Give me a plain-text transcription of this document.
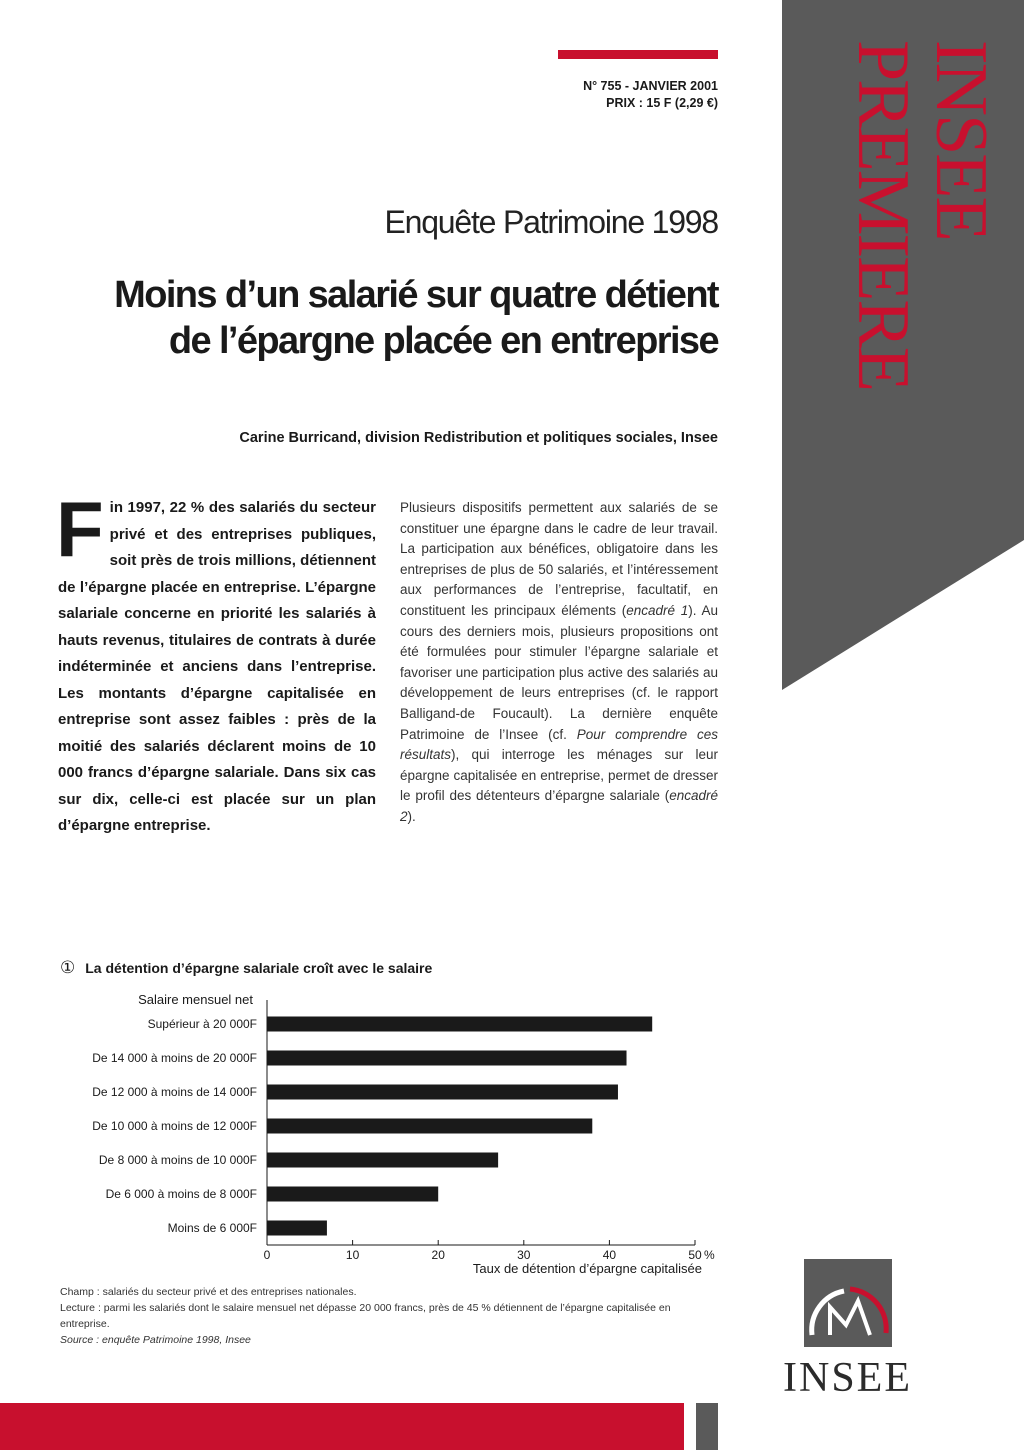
INSEE
PREMIERE
N° 755 - JANVIER 2001
PRIX : 15 F (2,29 €)
Enquête Patrimoine 1998
Moins d’un salarié sur quatre détient de l’épargne placée en entreprise
Carine Burricand, division Redistribution et politiques sociales, Insee

Fin 1997, 22 % des salariés du secteur privé et des entreprises publiques, soit près de trois millions, détiennent de l’épargne placée en entreprise. L’épargne salariale concerne en priorité les salariés à hauts revenus, titulaires de contrats à durée indéterminée et anciens dans l’entreprise. Les montants d’épargne capitalisée en entreprise sont assez faibles : près de la moitié des salariés déclarent moins de 10 000 francs d’épargne salariale. Dans six cas sur dix, celle-ci est placée sur un plan d’épargne entreprise.

Plusieurs dispositifs permettent aux salariés de se constituer une épargne dans le cadre de leur travail. La participation aux bénéfices, obligatoire dans les entreprises de plus de 50 salariés, et l’intéressement aux performances de l’entreprise, facultatif, en constituent les principaux éléments (encadré 1). Au cours des derniers mois, plusieurs propositions ont été formulées pour stimuler l’épargne salariale et favoriser une participation plus active des salariés au développement de leurs entreprises (cf. le rapport Balligand-de Foucault). La dernière enquête Patrimoine de l’Insee (cf. Pour comprendre ces résultats), qui interroge les ménages sur leur épargne capitalisée en entreprise, permet de dresser le profil des détenteurs d’épargne salariale (encadré 2).

① La détention d’épargne salariale croît avec le salaire
Salaire mensuel net
Supérieur à 20 000F
De 14 000 à moins de 20 000F
De 12 000 à moins de 14 000F
De 10 000 à moins de 12 000F
De 8 000 à moins de 10 000F
De 6 000 à moins de 8 000F
Moins de 6 000F
0	10	20	30	40	50 %
Taux de détention d’épargne capitalisée

Champ : salariés du secteur privé et des entreprises nationales.

Lecture : parmi les salariés dont le salaire mensuel net dépasse 20 000 francs, près de 45 % détiennent de l’épargne capitalisée en entreprise.

Source : enquête Patrimoine 1998, Insee

INSEE
